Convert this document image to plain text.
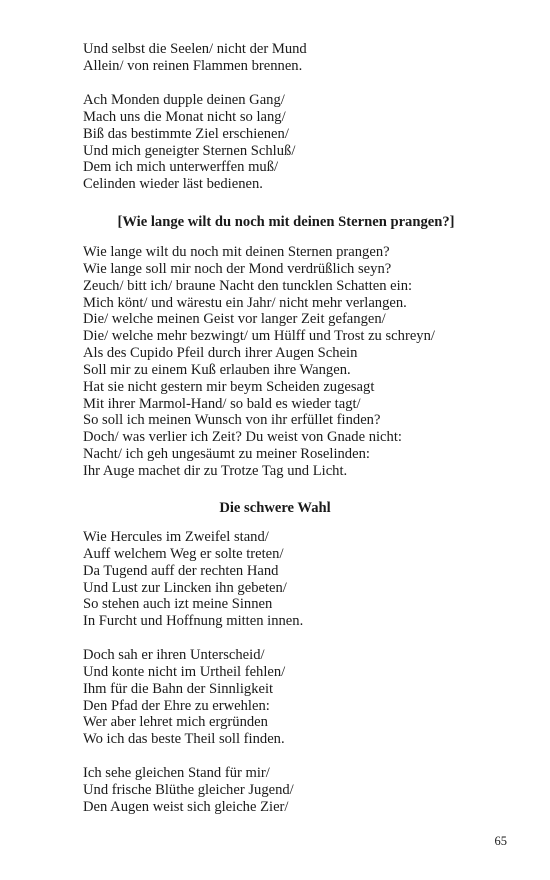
Und selbst die Seelen/ nicht der Mund
Allein/ von reinen Flammen brennen.
Ach Monden dupple deinen Gang/
Mach uns die Monat nicht so lang/
Biß das bestimmte Ziel erschienen/
Und mich geneigter Sternen Schluß/
Dem ich mich unterwerffen muß/
Celinden wieder läst bedienen.
[Wie lange wilt du noch mit deinen Sternen prangen?]
Wie lange wilt du noch mit deinen Sternen prangen?
Wie lange soll mir noch der Mond verdrüßlich seyn?
Zeuch/ bitt ich/ braune Nacht den tuncklen Schatten ein:
Mich könt/ und wärestu ein Jahr/ nicht mehr verlangen.
Die/ welche meinen Geist vor langer Zeit gefangen/
Die/ welche mehr bezwingt/ um Hülff und Trost zu schreyn/
Als des Cupido Pfeil durch ihrer Augen Schein
Soll mir zu einem Kuß erlauben ihre Wangen.
Hat sie nicht gestern mir beym Scheiden zugesagt
Mit ihrer Marmol-Hand/ so bald es wieder tagt/
So soll ich meinen Wunsch von ihr erfüllet finden?
Doch/ was verlier ich Zeit? Du weist von Gnade nicht:
Nacht/ ich geh ungesäumt zu meiner Roselinden:
Ihr Auge machet dir zu Trotze Tag und Licht.
Die schwere Wahl
Wie Hercules im Zweifel stand/
Auff welchem Weg er solte treten/
Da Tugend auff der rechten Hand
Und Lust zur Lincken ihn gebeten/
So stehen auch izt meine Sinnen
In Furcht und Hoffnung mitten innen.
Doch sah er ihren Unterscheid/
Und konte nicht im Urtheil fehlen/
Ihm für die Bahn der Sinnligkeit
Den Pfad der Ehre zu erwehlen:
Wer aber lehret mich ergründen
Wo ich das beste Theil soll finden.
Ich sehe gleichen Stand für mir/
Und frische Blüthe gleicher Jugend/
Den Augen weist sich gleiche Zier/
65
